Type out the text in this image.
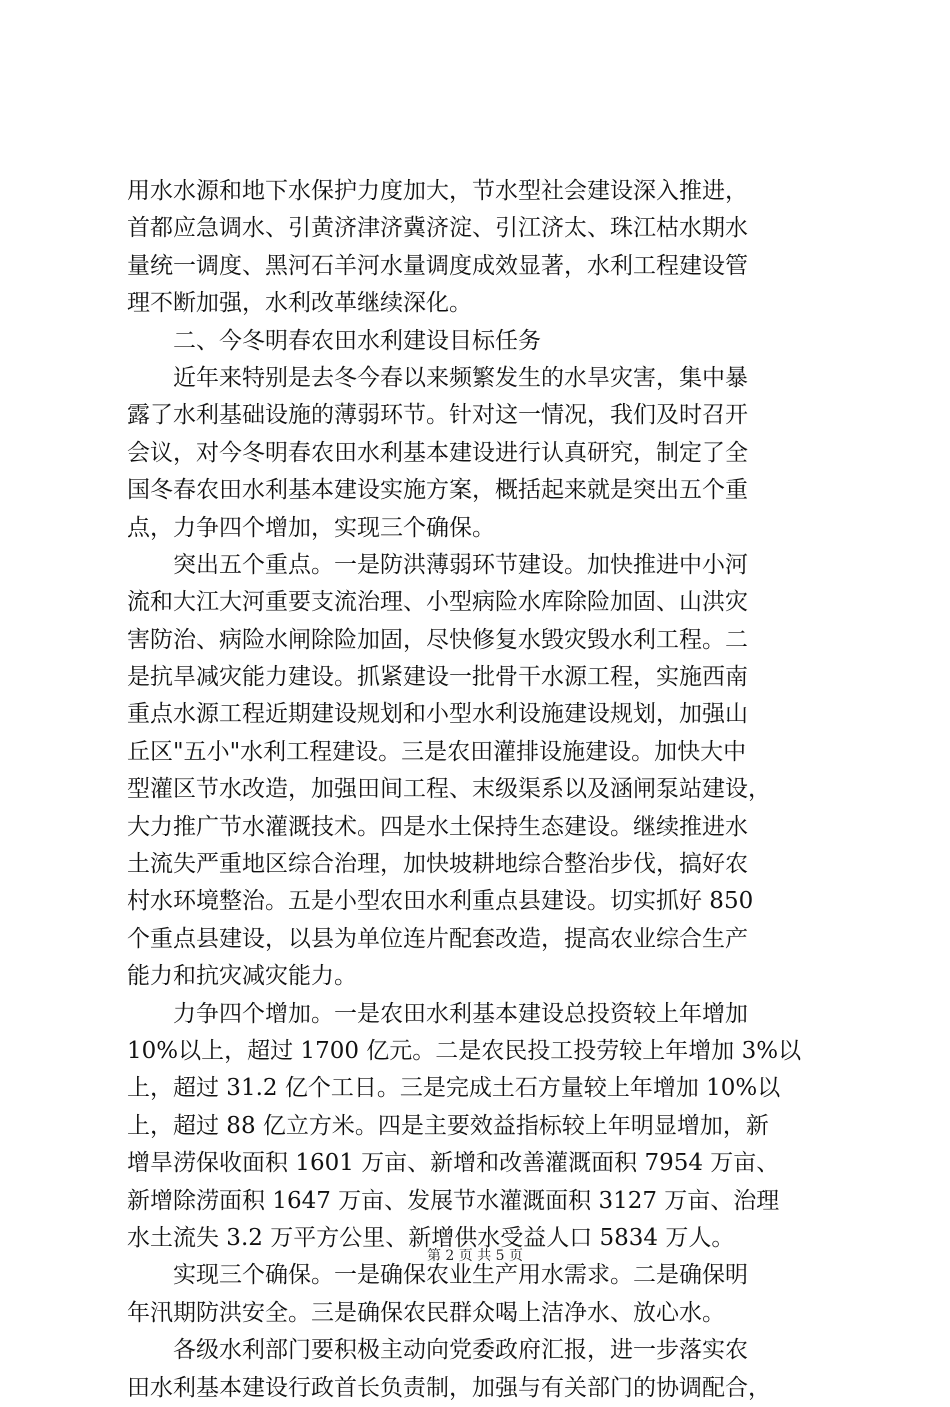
用水水源和地下水保护力度加大，节水型社会建设深入推进，
首都应急调水、引黄济津济冀济淀、引江济太、珠江枯水期水
量统一调度、黑河石羊河水量调度成效显著，水利工程建设管
理不断加强，水利改革继续深化。
　　二、今冬明春农田水利建设目标任务
　　近年来特别是去冬今春以来频繁发生的水旱灾害，集中暴
露了水利基础设施的薄弱环节。针对这一情况，我们及时召开
会议，对今冬明春农田水利基本建设进行认真研究，制定了全
国冬春农田水利基本建设实施方案，概括起来就是突出五个重
点，力争四个增加，实现三个确保。
　　突出五个重点。一是防洪薄弱环节建设。加快推进中小河
流和大江大河重要支流治理、小型病险水库除险加固、山洪灾
害防治、病险水闸除险加固，尽快修复水毁灾毁水利工程。二
是抗旱减灾能力建设。抓紧建设一批骨干水源工程，实施西南
重点水源工程近期建设规划和小型水利设施建设规划，加强山
丘区"五小"水利工程建设。三是农田灌排设施建设。加快大中
型灌区节水改造，加强田间工程、末级渠系以及涵闸泵站建设，
大力推广节水灌溉技术。四是水土保持生态建设。继续推进水
土流失严重地区综合治理，加快坡耕地综合整治步伐，搞好农
村水环境整治。五是小型农田水利重点县建设。切实抓好 850
个重点县建设，以县为单位连片配套改造，提高农业综合生产
能力和抗灾减灾能力。
　　力争四个增加。一是农田水利基本建设总投资较上年增加
10%以上，超过 1700 亿元。二是农民投工投劳较上年增加 3%以
上，超过 31.2 亿个工日。三是完成土石方量较上年增加 10%以
上，超过 88 亿立方米。四是主要效益指标较上年明显增加，新
增旱涝保收面积 1601 万亩、新增和改善灌溉面积 7954 万亩、
新增除涝面积 1647 万亩、发展节水灌溉面积 3127 万亩、治理
水土流失 3.2 万平方公里、新增供水受益人口 5834 万人。
　　实现三个确保。一是确保农业生产用水需求。二是确保明
年汛期防洪安全。三是确保农民群众喝上洁净水、放心水。
　　各级水利部门要积极主动向党委政府汇报，进一步落实农
田水利基本建设行政首长负责制，加强与有关部门的协调配合，
第 2 页 共 5 页
